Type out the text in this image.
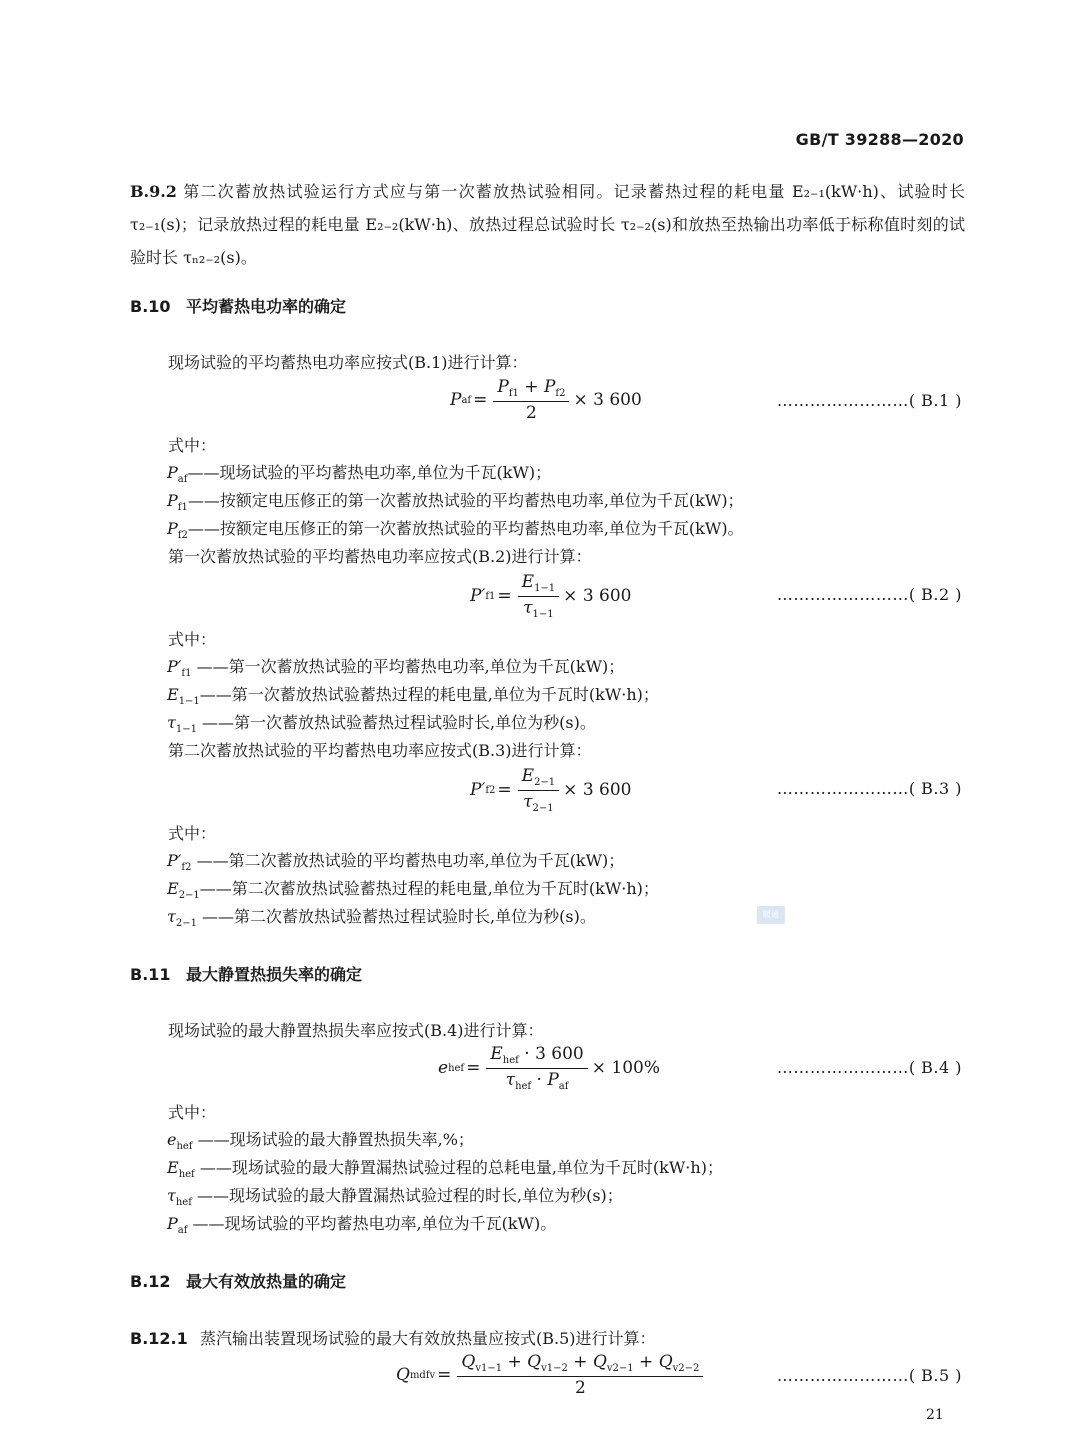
GB/T 39288—2020
B.9.2 第二次蓄放热试验运行方式应与第一次蓄放热试验相同。记录蓄热过程的耗电量 E₂₋₁(kW·h)、试验时长 τ₂₋₁(s)；记录放热过程的耗电量 E₂₋₂(kW·h)、放热过程总试验时长 τ₂₋₂(s)和放热至热输出功率低于标称值时刻的试验时长 τₙ₂₋₂(s)。
B.10 平均蓄热电功率的确定
现场试验的平均蓄热电功率应按式(B.1)进行计算：
P af = $\frac{P_{f1} + P_{f2}}{2} \times 3$ 600	……………………( B.1 )
式中：
$P_{af}——$现场试验的平均蓄热电功率,单位为千瓦(kW)；
$P_{f1}——$按额定电压修正的第一次蓄放热试验的平均蓄热电功率,单位为千瓦(kW)；
$P_{f2}——$按额定电压修正的第一次蓄放热试验的平均蓄热电功率,单位为千瓦(kW)。
第一次蓄放热试验的平均蓄热电功率应按式(B.2)进行计算：
P′ $f1 = \frac{E_{1-1}}{\tau_{1-1}} \times 3$ 600	……………………( B.2 )
式中：
$P'_{f1}$ ——第一次蓄放热试验的平均蓄热电功率,单位为千瓦(kW)；
$E_{1-1}——$第一次蓄放热试验蓄热过程的耗电量,单位为千瓦时(kW·h)；
$\tau_{1-1}$ ——第一次蓄放热试验蓄热过程试验时长,单位为秒(s)。
第二次蓄放热试验的平均蓄热电功率应按式(B.3)进行计算：
P′ $f2 = \frac{E_{2-1}}{\tau_{2-1}} \times 3$ 600	……………………( B.3 )
式中：
$P'_{f2}$ ——第二次蓄放热试验的平均蓄热电功率,单位为千瓦(kW)；
$E_{2-1}——$第二次蓄放热试验蓄热过程的耗电量,单位为千瓦时(kW·h)；
$\tau_{2-1}$ ——第二次蓄放热试验蓄热过程试验时长,单位为秒(s)。	暖通
B.11 最大静置热损失率的确定
现场试验的最大静置热损失率应按式(B.4)进行计算：
e hef = $\frac{E_{hef} \cdot 3 600}{\tau_{hef} \cdot P_{af}} \times 100\%$	……………………( B.4 )
式中：
$e_{hef}$ ——现场试验的最大静置热损失率,%；
$E_{hef}$ ——现场试验的最大静置漏热试验过程的总耗电量,单位为千瓦时(kW·h)；
$\tau_{hef}$ ——现场试验的最大静置漏热试验过程的时长,单位为秒(s)；
$P_{af}$ ——现场试验的平均蓄热电功率,单位为千瓦(kW)。
B.12 最大有效放热量的确定
B.12.1 蒸汽输出装置现场试验的最大有效放热量应按式(B.5)进行计算：
Q mdfv = $\frac{Q_{v1-1} + Q_{v1-2} + Q_{v2-1} + Q_{v2-2}}{2}$	……………………( B.5 )
21
